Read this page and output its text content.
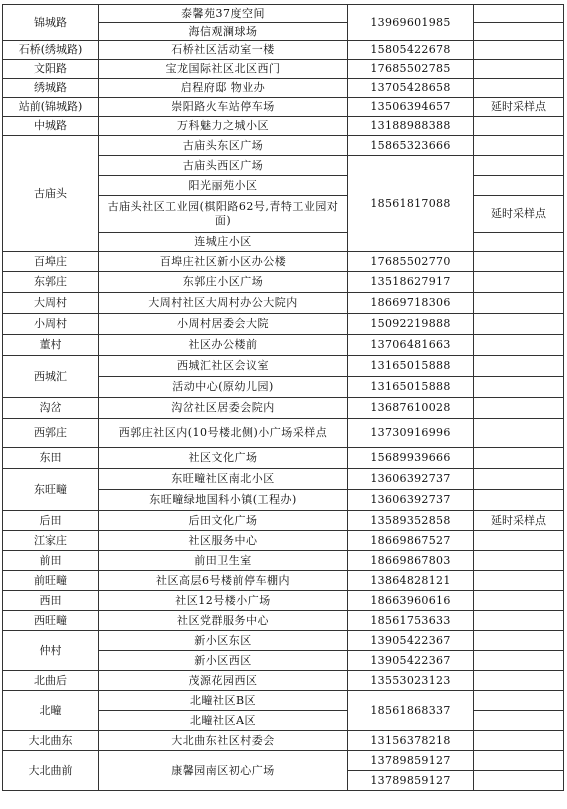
锦城路	泰馨苑37度空间	13969601985	
	海信观澜球场		
石桥(绣城路)	石桥社区活动室一楼	15805422678	
文阳路	宝龙国际社区北区西门	17685502785	
绣城路	启程府邸 物业办	13705428658	
站前(锦城路)	崇阳路火车站停车场	13506394657	延时采样点
中城路	万科魅力之城小区	13188988388	
古庙头	古庙头东区广场	15865323666	
	古庙头西区广场	18561817088	
	阳光丽苑小区		
	古庙头社区工业园(棋阳路62号,青特工业园对面)		延时采样点
	连城庄小区		
百埠庄	百埠庄社区新小区办公楼	17685502770	
东郭庄	东郭庄小区广场	13518627917	
大周村	大周村社区大周村办公大院内	18669718306	
小周村	小周村居委会大院	15092219888	
董村	社区办公楼前	13706481663	
西城汇	西城汇社区会议室	13165015888	
	活动中心(原幼儿园)	13165015888	
沟岔	沟岔社区居委会院内	13687610028	
西郭庄	西郭庄社区内(10号楼北侧)小广场采样点	13730916996	
东田	社区文化广场	15689939666	
东旺疃	东旺疃社区南北小区	13606392737	
	东旺疃绿地国科小镇(工程办)	13606392737	
后田	后田文化广场	13589352858	延时采样点
江家庄	社区服务中心	18669867527	
前田	前田卫生室	18669867803	
前旺疃	社区高层6号楼前停车棚内	13864828121	
西田	社区12号楼小广场	18663960616	
西旺疃	社区党群服务中心	18561753633	
仲村	新小区东区	13905422367	
	新小区西区	13905422367	
北曲后	茂源花园西区	13553023123	
北疃	北疃社区B区	18561868337	
	北疃社区A区		
大北曲东	大北曲东社区村委会	13156378218	
大北曲前	康馨园南区初心广场	13789859127	
		13789859127	
